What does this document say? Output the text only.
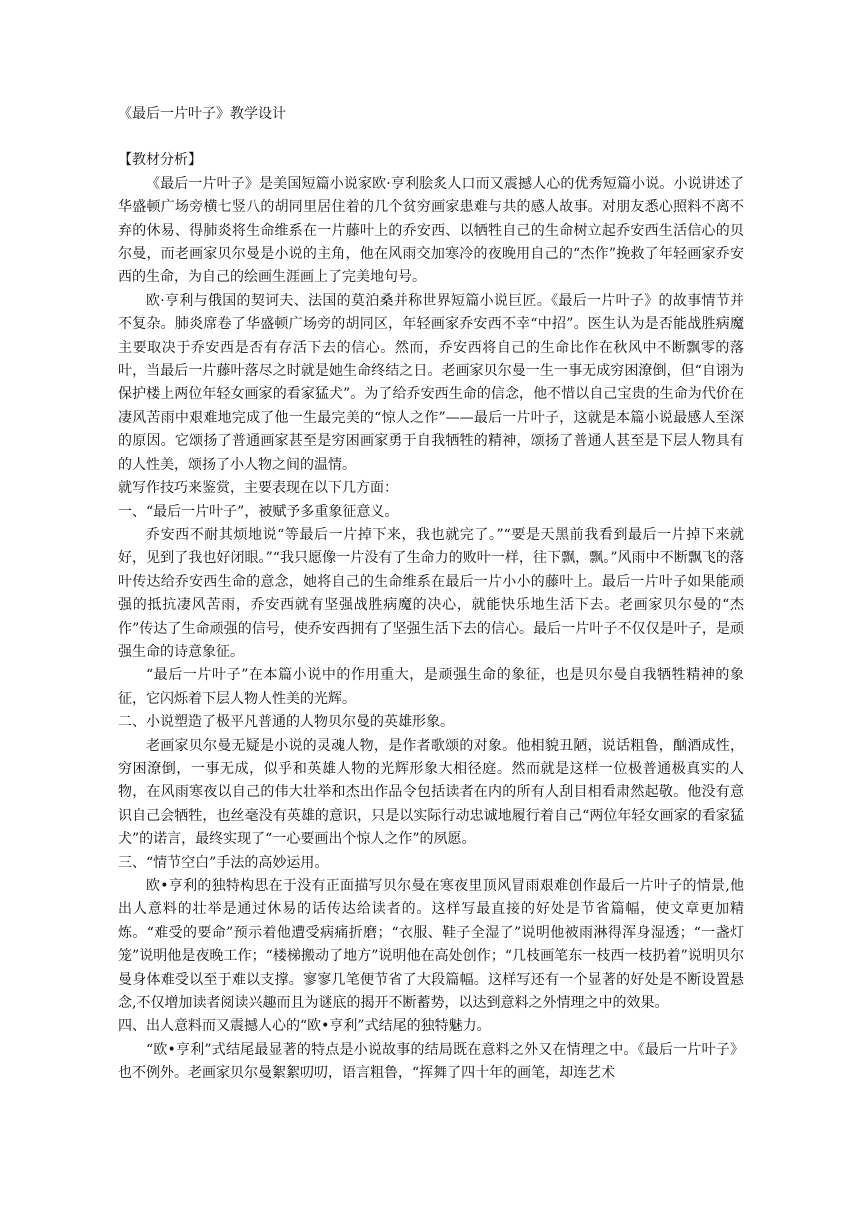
《最后一片叶子》教学设计

【教材分析】

《最后一片叶子》是美国短篇小说家欧·亨利脍炙人口而又震撼人心的优秀短篇小说。小说讲述了华盛顿广场旁横七竖八的胡同里居住着的几个贫穷画家患难与共的感人故事。对朋友悉心照料不离不弃的休易、得肺炎将生命维系在一片藤叶上的乔安西、以牺牲自己的生命树立起乔安西生活信心的贝尔曼，而老画家贝尔曼是小说的主角，他在风雨交加寒冷的夜晚用自己的“杰作”挽救了年轻画家乔安西的生命，为自己的绘画生涯画上了完美地句号。

欧·亨利与俄国的契诃夫、法国的莫泊桑并称世界短篇小说巨匠。《最后一片叶子》的故事情节并不复杂。肺炎席卷了华盛顿广场旁的胡同区，年轻画家乔安西不幸“中招”。医生认为是否能战胜病魔主要取决于乔安西是否有存活下去的信心。然而，乔安西将自己的生命比作在秋风中不断飘零的落叶，当最后一片藤叶落尽之时就是她生命终结之日。老画家贝尔曼一生一事无成穷困潦倒，但“自诩为保护楼上两位年轻女画家的看家猛犬”。为了给乔安西生命的信念，他不惜以自己宝贵的生命为代价在凄风苦雨中艰难地完成了他一生最完美的“惊人之作”——最后一片叶子，这就是本篇小说最感人至深的原因。它颂扬了普通画家甚至是穷困画家勇于自我牺牲的精神，颂扬了普通人甚至是下层人物具有的人性美，颂扬了小人物之间的温情。

就写作技巧来鉴赏，主要表现在以下几方面：

一、“最后一片叶子”，被赋予多重象征意义。

乔安西不耐其烦地说“等最后一片掉下来，我也就完了。”“要是天黑前我看到最后一片掉下来就好，见到了我也好闭眼。”“我只愿像一片没有了生命力的败叶一样，往下飘，飘。”风雨中不断飘飞的落叶传达给乔安西生命的意念，她将自己的生命维系在最后一片小小的藤叶上。最后一片叶子如果能顽强的抵抗凄风苦雨，乔安西就有坚强战胜病魔的决心，就能快乐地生活下去。老画家贝尔曼的“杰作”传达了生命顽强的信号，使乔安西拥有了坚强生活下去的信心。最后一片叶子不仅仅是叶子，是顽强生命的诗意象征。

“最后一片叶子”在本篇小说中的作用重大，是顽强生命的象征，也是贝尔曼自我牺牲精神的象征，它闪烁着下层人物人性美的光辉。

二、小说塑造了极平凡普通的人物贝尔曼的英雄形象。

老画家贝尔曼无疑是小说的灵魂人物，是作者歌颂的对象。他相貌丑陋，说话粗鲁，酗酒成性，穷困潦倒，一事无成，似乎和英雄人物的光辉形象大相径庭。然而就是这样一位极普通极真实的人物，在风雨寒夜以自己的伟大壮举和杰出作品令包括读者在内的所有人刮目相看肃然起敬。他没有意识自己会牺牲，也丝毫没有英雄的意识，只是以实际行动忠诚地履行着自己“两位年轻女画家的看家猛犬”的诺言，最终实现了“一心要画出个惊人之作”的夙愿。

三、“情节空白”手法的高妙运用。

欧•亨利的独特构思在于没有正面描写贝尔曼在寒夜里顶风冒雨艰难创作最后一片叶子的情景,他出人意料的壮举是通过休易的话传达给读者的。这样写最直接的好处是节省篇幅，使文章更加精炼。“难受的要命”预示着他遭受病痛折磨；“衣服、鞋子全湿了”说明他被雨淋得浑身湿透；“一盏灯笼”说明他是夜晚工作；“楼梯搬动了地方”说明他在高处创作；“几枝画笔东一枝西一枝扔着”说明贝尔曼身体难受以至于难以支撑。寥寥几笔便节省了大段篇幅。这样写还有一个显著的好处是不断设置悬念,不仅增加读者阅读兴趣而且为谜底的揭开不断蓄势，以达到意料之外情理之中的效果。

四、出人意料而又震撼人心的“欧•亨利”式结尾的独特魅力。

“欧•亨利”式结尾最显著的特点是小说故事的结局既在意料之外又在情理之中。《最后一片叶子》也不例外。老画家贝尔曼絮絮叨叨，语言粗鲁，“挥舞了四十年的画笔，却连艺术
